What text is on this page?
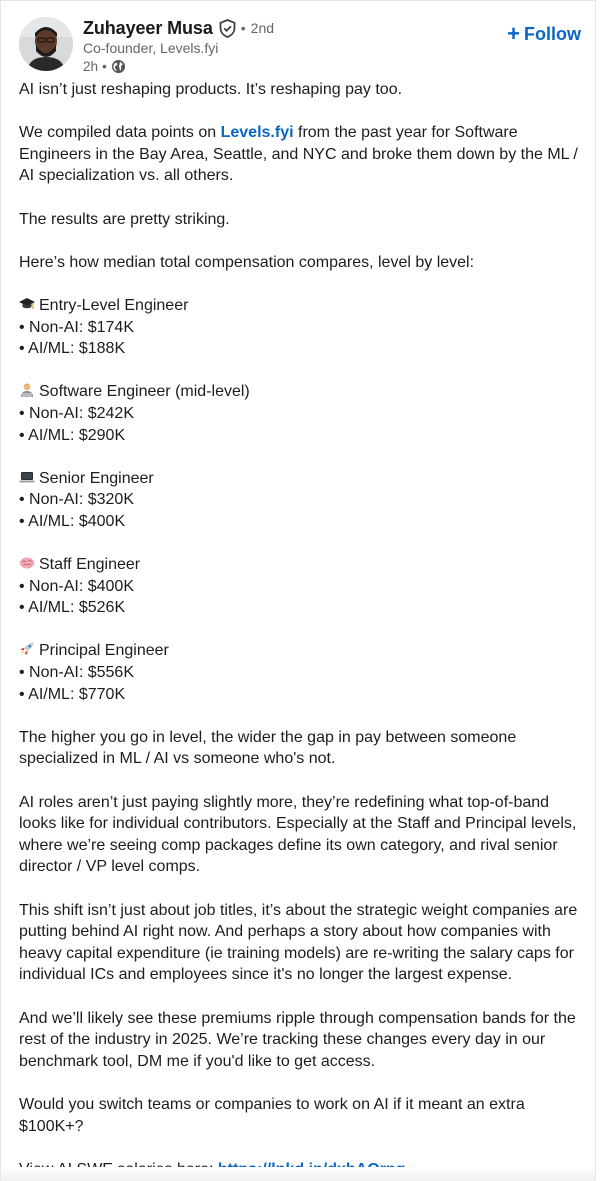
Zuhayeer Musa • 2nd
Co-founder, Levels.fyi
2h •
+ Follow

AI isn’t just reshaping products. It’s reshaping pay too.

We compiled data points on Levels.fyi from the past year for Software Engineers in the Bay Area, Seattle, and NYC and broke them down by the ML / AI specialization vs. all others.

The results are pretty striking.

Here’s how median total compensation compares, level by level:

Entry-Level Engineer
• Non-AI: $174K
• AI/ML: $188K
Software Engineer (mid-level)
• Non-AI: $242K
• AI/ML: $290K
Senior Engineer
• Non-AI: $320K
• AI/ML: $400K
Staff Engineer
• Non-AI: $400K
• AI/ML: $526K
Principal Engineer
• Non-AI: $556K
• AI/ML: $770K

The higher you go in level, the wider the gap in pay between someone specialized in ML / AI vs someone who's not.

AI roles aren’t just paying slightly more, they’re redefining what top-of-band looks like for individual contributors. Especially at the Staff and Principal levels, where we’re seeing comp packages define its own category, and rival senior director / VP level comps.

This shift isn’t just about job titles, it’s about the strategic weight companies are putting behind AI right now. And perhaps a story about how companies with heavy capital expenditure (ie training models) are re-writing the salary caps for individual ICs and employees since it's no longer the largest expense.

And we’ll likely see these premiums ripple through compensation bands for the rest of the industry in 2025. We’re tracking these changes every day in our benchmark tool, DM me if you'd like to get access.

Would you switch teams or companies to work on AI if it meant an extra $100K+?
